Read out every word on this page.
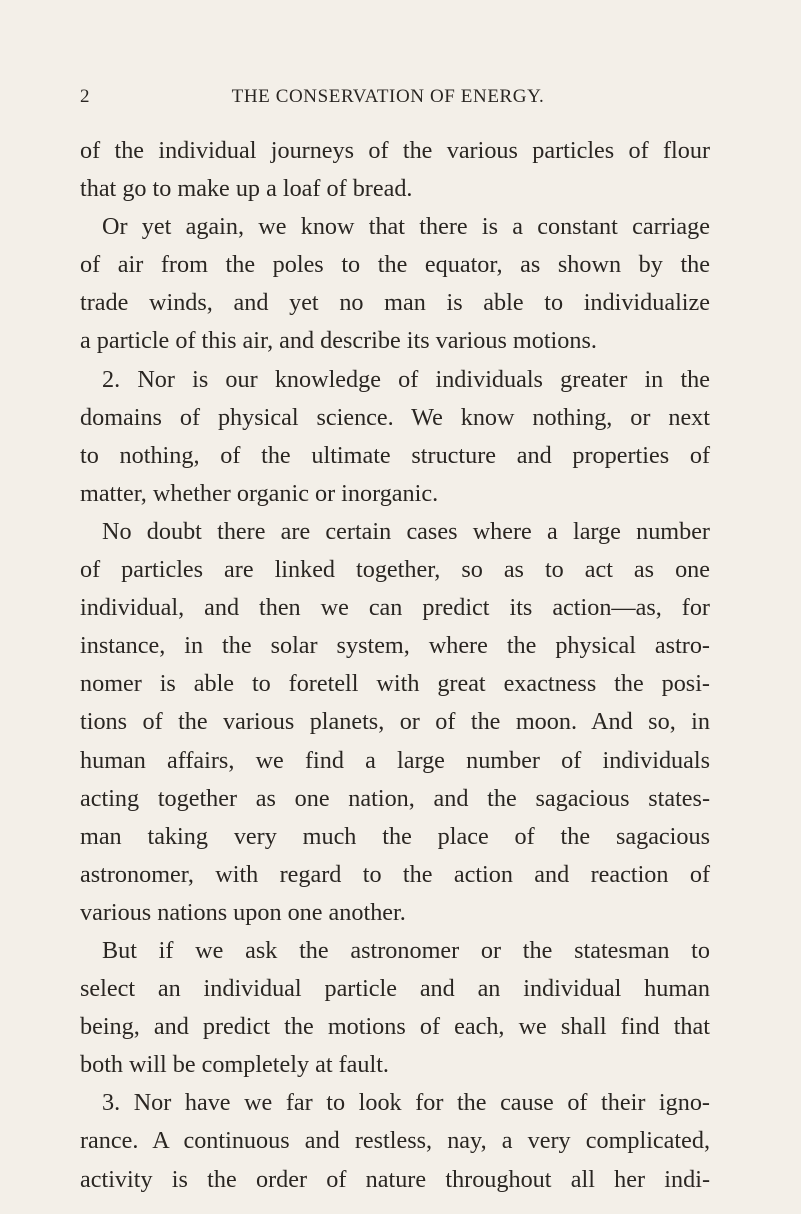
2	THE CONSERVATION OF ENERGY.
of the individual journeys of the various particles of flour
that go to make up a loaf of bread.
Or yet again, we know that there is a constant carriage
of air from the poles to the equator, as shown by the
trade winds, and yet no man is able to individualize
a particle of this air, and describe its various motions.
2. Nor is our knowledge of individuals greater in the
domains of physical science. We know nothing, or next
to nothing, of the ultimate structure and properties of
matter, whether organic or inorganic.
No doubt there are certain cases where a large number
of particles are linked together, so as to act as one
individual, and then we can predict its action—as, for
instance, in the solar system, where the physical astro-
nomer is able to foretell with great exactness the posi-
tions of the various planets, or of the moon. And so, in
human affairs, we find a large number of individuals
acting together as one nation, and the sagacious states-
man taking very much the place of the sagacious
astronomer, with regard to the action and reaction of
various nations upon one another.
But if we ask the astronomer or the statesman to
select an individual particle and an individual human
being, and predict the motions of each, we shall find that
both will be completely at fault.
3. Nor have we far to look for the cause of their igno-
rance. A continuous and restless, nay, a very complicated,
activity is the order of nature throughout all her indi-
